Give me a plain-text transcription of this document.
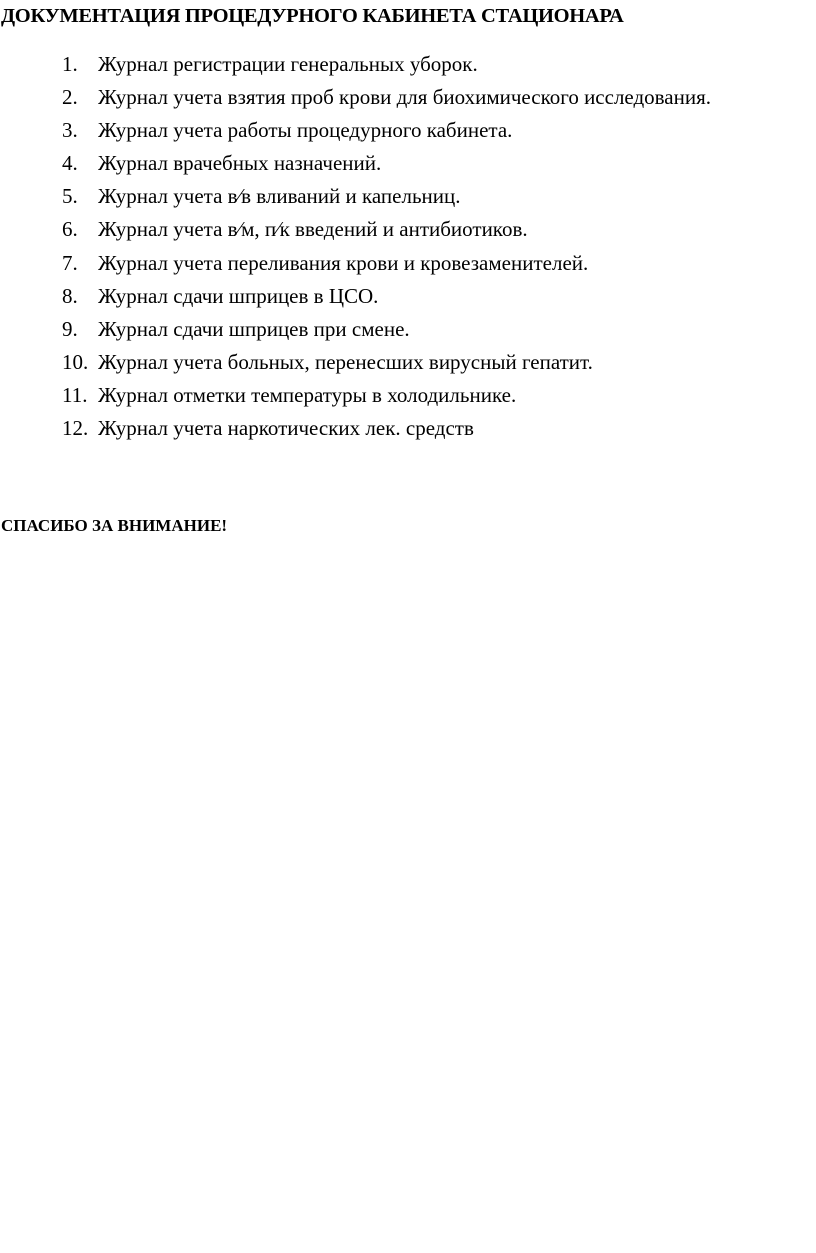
ДОКУМЕНТАЦИЯ ПРОЦЕДУРНОГО КАБИНЕТА СТАЦИОНАРА
1. Журнал регистрации генеральных уборок.
2. Журнал учета взятия проб крови для биохимического исследования.
3. Журнал учета работы процедурного кабинета.
4. Журнал врачебных назначений.
5. Журнал учета в⁄в вливаний и капельниц.
6. Журнал учета в⁄м, п⁄к введений и антибиотиков.
7. Журнал учета переливания крови и кровезаменителей.
8. Журнал сдачи шприцев в ЦСО.
9. Журнал сдачи шприцев при смене.
10. Журнал учета больных, перенесших вирусный гепатит.
11. Журнал отметки температуры в холодильнике.
12. Журнал учета наркотических лек. средств

СПАСИБО ЗА ВНИМАНИЕ!
